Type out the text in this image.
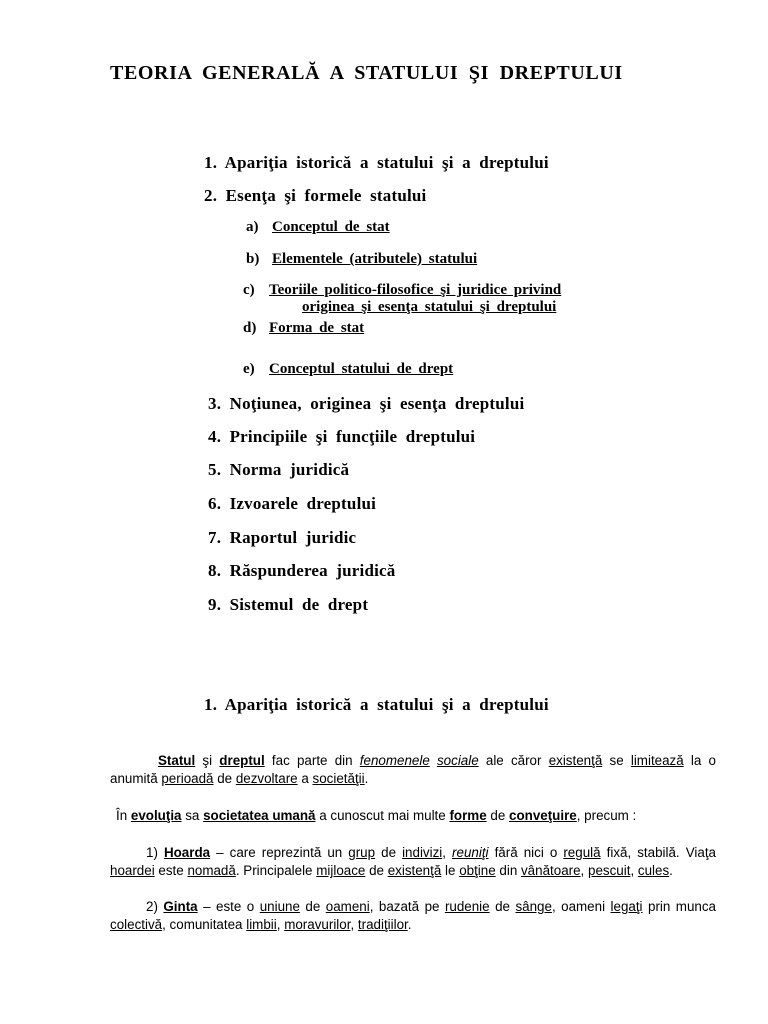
TEORIA GENERALĂ A STATULUI ŞI DREPTULUI
1. Apariţia istorică a statului şi a dreptului
2. Esenţa şi formele statului
a) Conceptul de stat
b) Elementele (atributele) statului
c) Teoriile politico-filosofice şi juridice privind
originea şi esenţa statului şi dreptului
d) Forma de stat
e) Conceptul statului de drept
3. Noţiunea, originea şi esenţa dreptului
4. Principiile şi funcţiile dreptului
5. Norma juridică
6. Izvoarele dreptului
7. Raportul juridic
8. Răspunderea juridică
9. Sistemul de drept
1. Apariţia istorică a statului şi a dreptului

Statul şi dreptul fac parte din fenomenele sociale ale căror existenţă se limitează la o anumită perioadă de dezvoltare a societăţii.

În evoluţia sa societatea umană a cunoscut mai multe forme de conveţuire, precum :

1) Hoarda – care reprezintă un grup de indivizi, reuniţi fără nici o regulă fixă, stabilă. Viaţa hoardei este nomadă. Principalele mijloace de existenţă le obţine din vânătoare, pescuit, cules.

2) Ginta – este o uniune de oameni, bazată pe rudenie de sânge, oameni legaţi prin munca colectivă, comunitatea limbii, moravurilor, tradiţiilor.
